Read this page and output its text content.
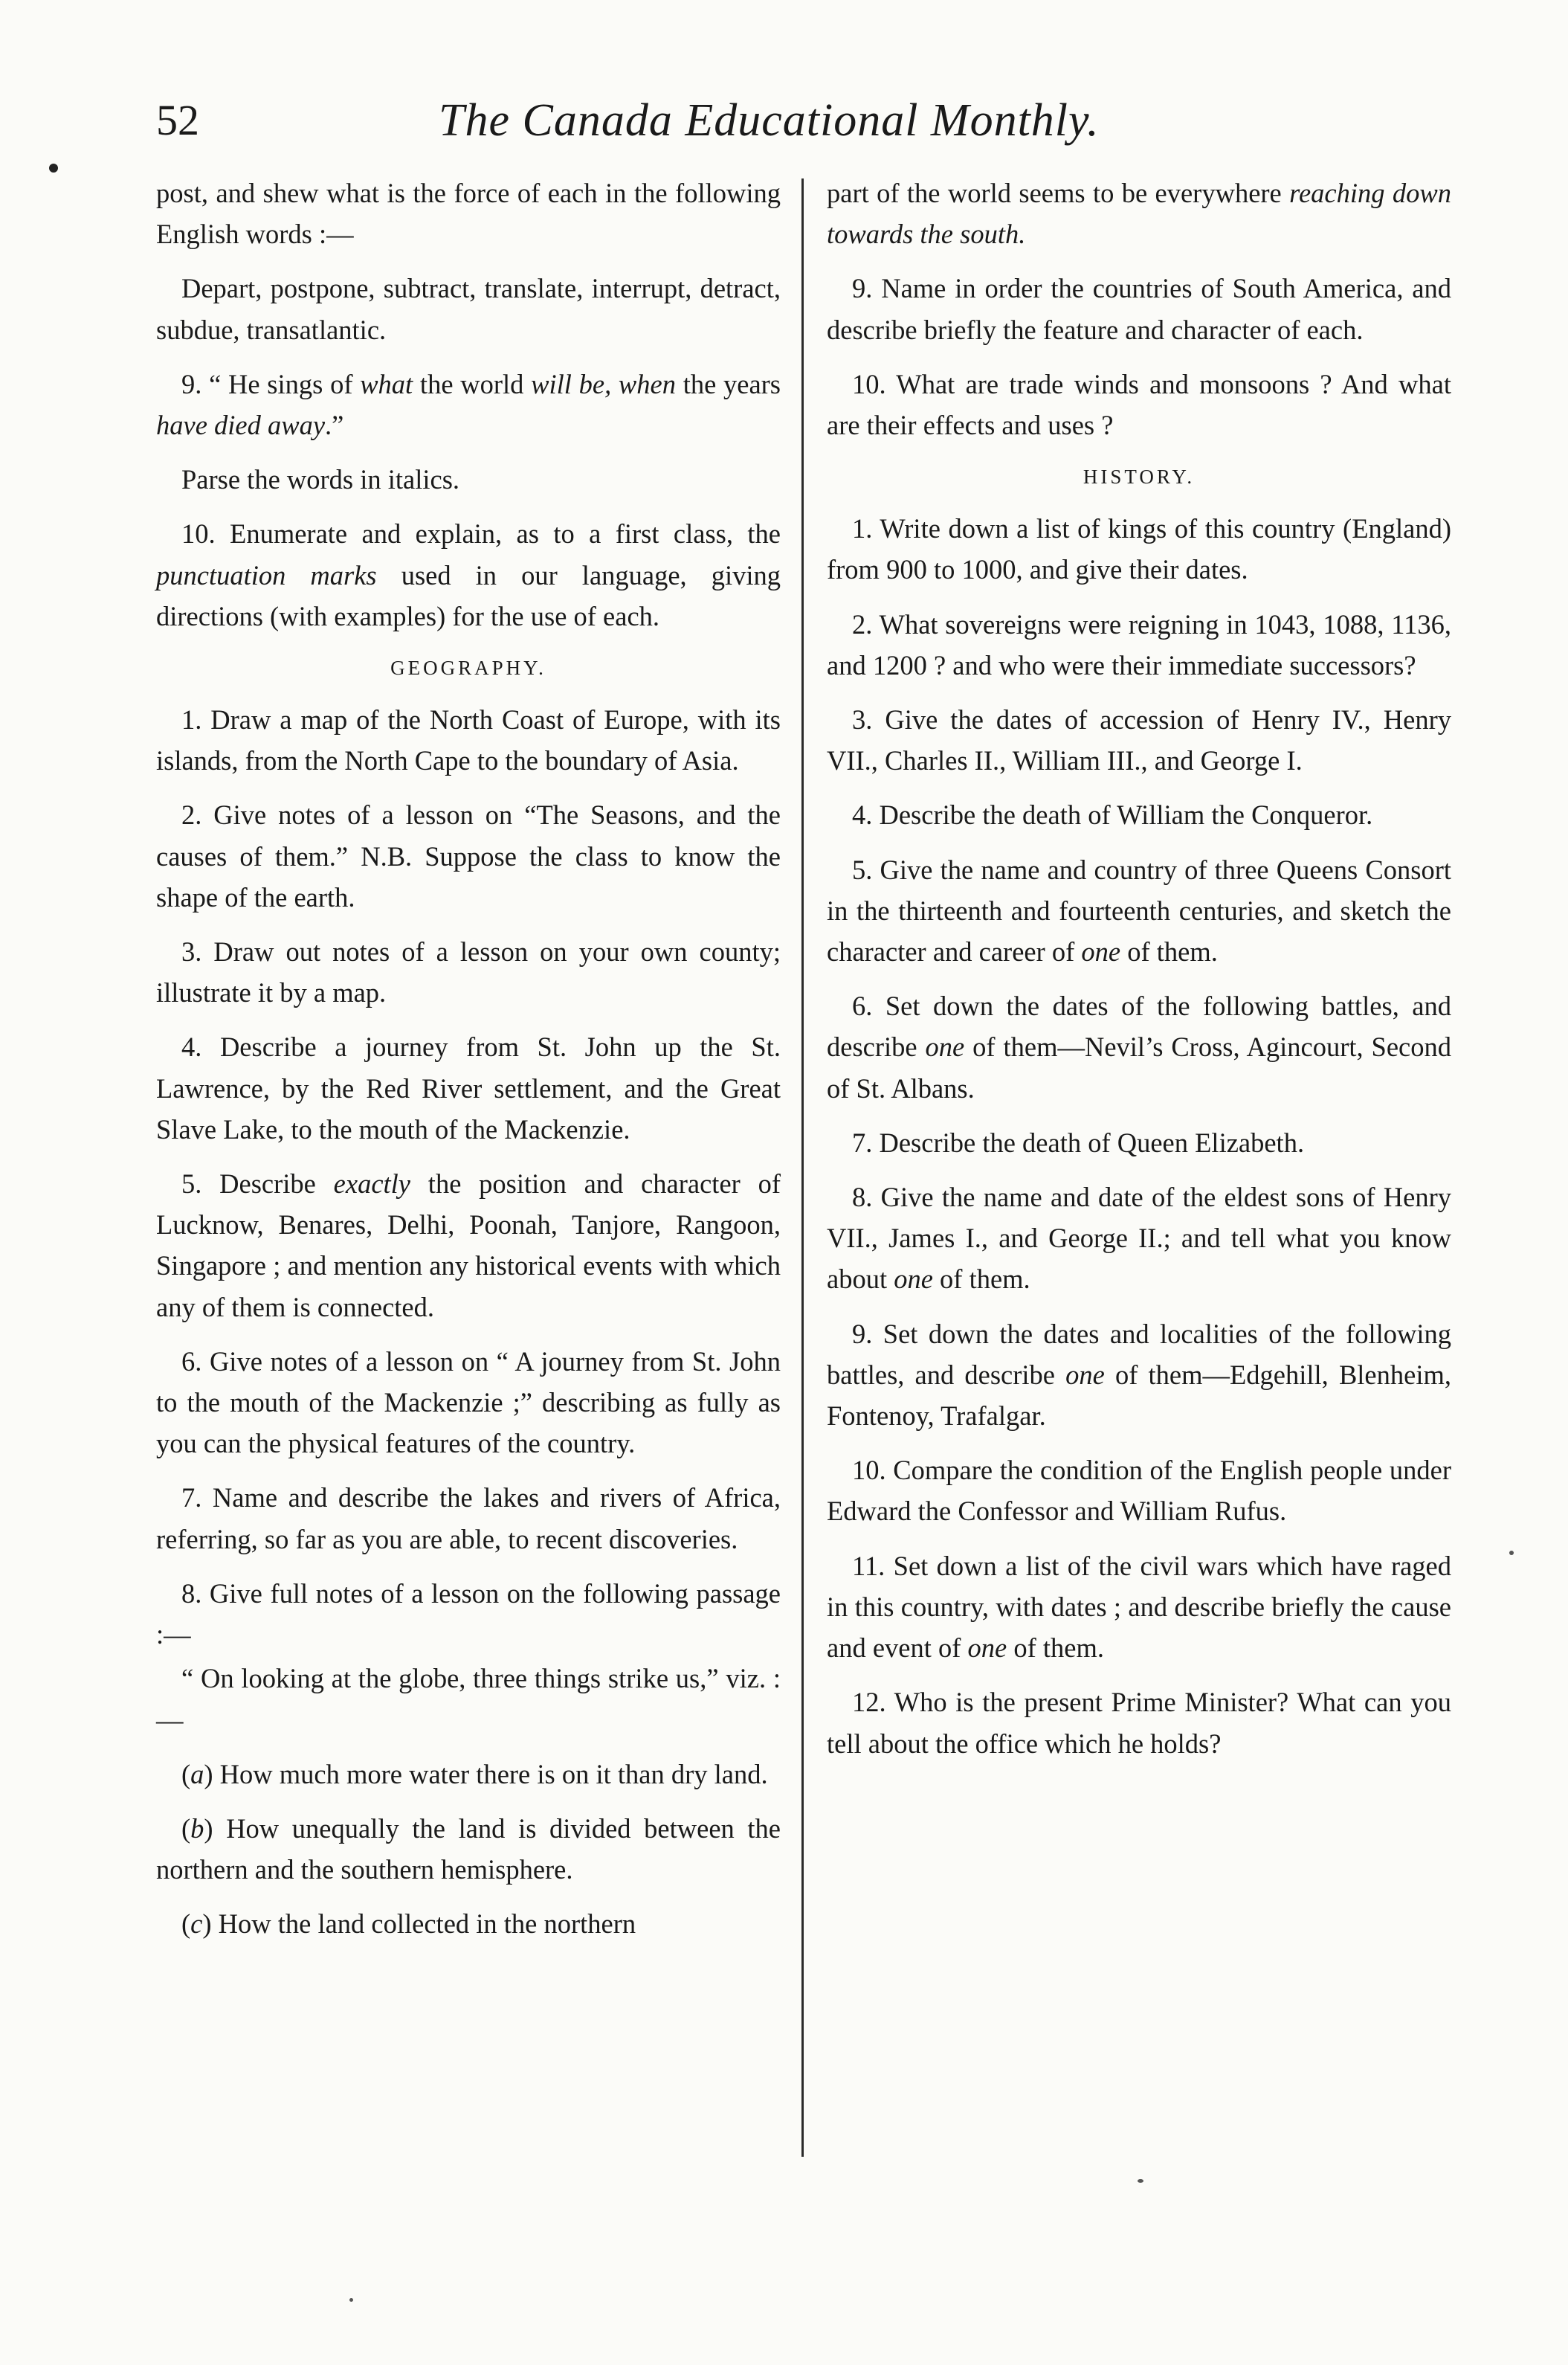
52	The Canada Educational Monthly.

post, and shew what is the force of each in the following English words :—

Depart, postpone, subtract, translate, interrupt, detract, subdue, transatlantic.

9. “ He sings of what the world will be, when the years have died away.”

Parse the words in italics.

10. Enumerate and explain, as to a first class, the punctuation marks used in our language, giving directions (with examples) for the use of each.

GEOGRAPHY.

1. Draw a map of the North Coast of Europe, with its islands, from the North Cape to the boundary of Asia.

2. Give notes of a lesson on “The Seasons, and the causes of them.” N.B. Suppose the class to know the shape of the earth.

3. Draw out notes of a lesson on your own county; illustrate it by a map.

4. Describe a journey from St. John up the St. Lawrence, by the Red River settlement, and the Great Slave Lake, to the mouth of the Mackenzie.

5. Describe exactly the position and character of Lucknow, Benares, Delhi, Poonah, Tanjore, Rangoon, Singapore ; and mention any historical events with which any of them is connected.

6. Give notes of a lesson on “ A journey from St. John to the mouth of the Mackenzie ;” describing as fully as you can the physical features of the country.

7. Name and describe the lakes and rivers of Africa, referring, so far as you are able, to recent discoveries.

8. Give full notes of a lesson on the following passage :—

“ On looking at the globe, three things strike us,” viz. :—

(a) How much more water there is on it than dry land.

(b) How unequally the land is divided between the northern and the southern hemisphere.

(c) How the land collected in the northern

part of the world seems to be everywhere reaching down towards the south.

9. Name in order the countries of South America, and describe briefly the feature and character of each.

10. What are trade winds and monsoons ? And what are their effects and uses ?

HISTORY.

1. Write down a list of kings of this country (England) from 900 to 1000, and give their dates.

2. What sovereigns were reigning in 1043, 1088, 1136, and 1200 ? and who were their immediate successors?

3. Give the dates of accession of Henry IV., Henry VII., Charles II., William III., and George I.

4. Describe the death of William the Conqueror.

5. Give the name and country of three Queens Consort in the thirteenth and fourteenth centuries, and sketch the character and career of one of them.

6. Set down the dates of the following battles, and describe one of them—Nevil’s Cross, Agincourt, Second of St. Albans.

7. Describe the death of Queen Elizabeth.

8. Give the name and date of the eldest sons of Henry VII., James I., and George II.; and tell what you know about one of them.

9. Set down the dates and localities of the following battles, and describe one of them—Edgehill, Blenheim, Fontenoy, Trafalgar.

10. Compare the condition of the English people under Edward the Confessor and William Rufus.

11. Set down a list of the civil wars which have raged in this country, with dates ; and describe briefly the cause and event of one of them.

12. Who is the present Prime Minister? What can you tell about the office which he holds?
